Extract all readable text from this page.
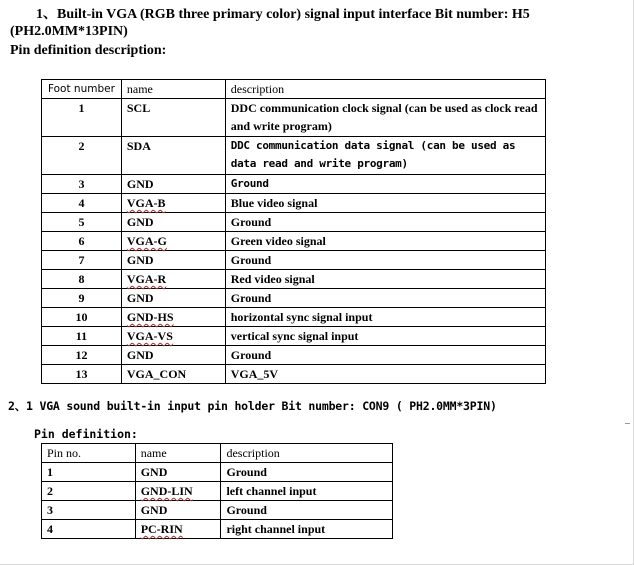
1、Built-in VGA (RGB three primary color) signal input interface Bit number: H5 (PH2.0MM*13PIN)
Pin definition description:
Foot number	name	description
1	SCL	DDC communication clock signal (can be used as clock read and write program)
2	SDA	DDC communication data signal (can be used as data read and write program)
3	GND	Ground
4	VGA-B	Blue video signal
5	GND	Ground
6	VGA-G	Green video signal
7	GND	Ground
8	VGA-R	Red video signal
9	GND	Ground
10	GND-HS	horizontal sync signal input
11	VGA-VS	vertical sync signal input
12	GND	Ground
13	VGA_CON	VGA_5V
2、1 VGA sound built-in input pin holder Bit number: CON9 ( PH2.0MM*3PIN)
Pin definition:
Pin no.	name	description
1	GND	Ground
2	GND-LIN	left channel input
3	GND	Ground
4	PC-RIN	right channel input
